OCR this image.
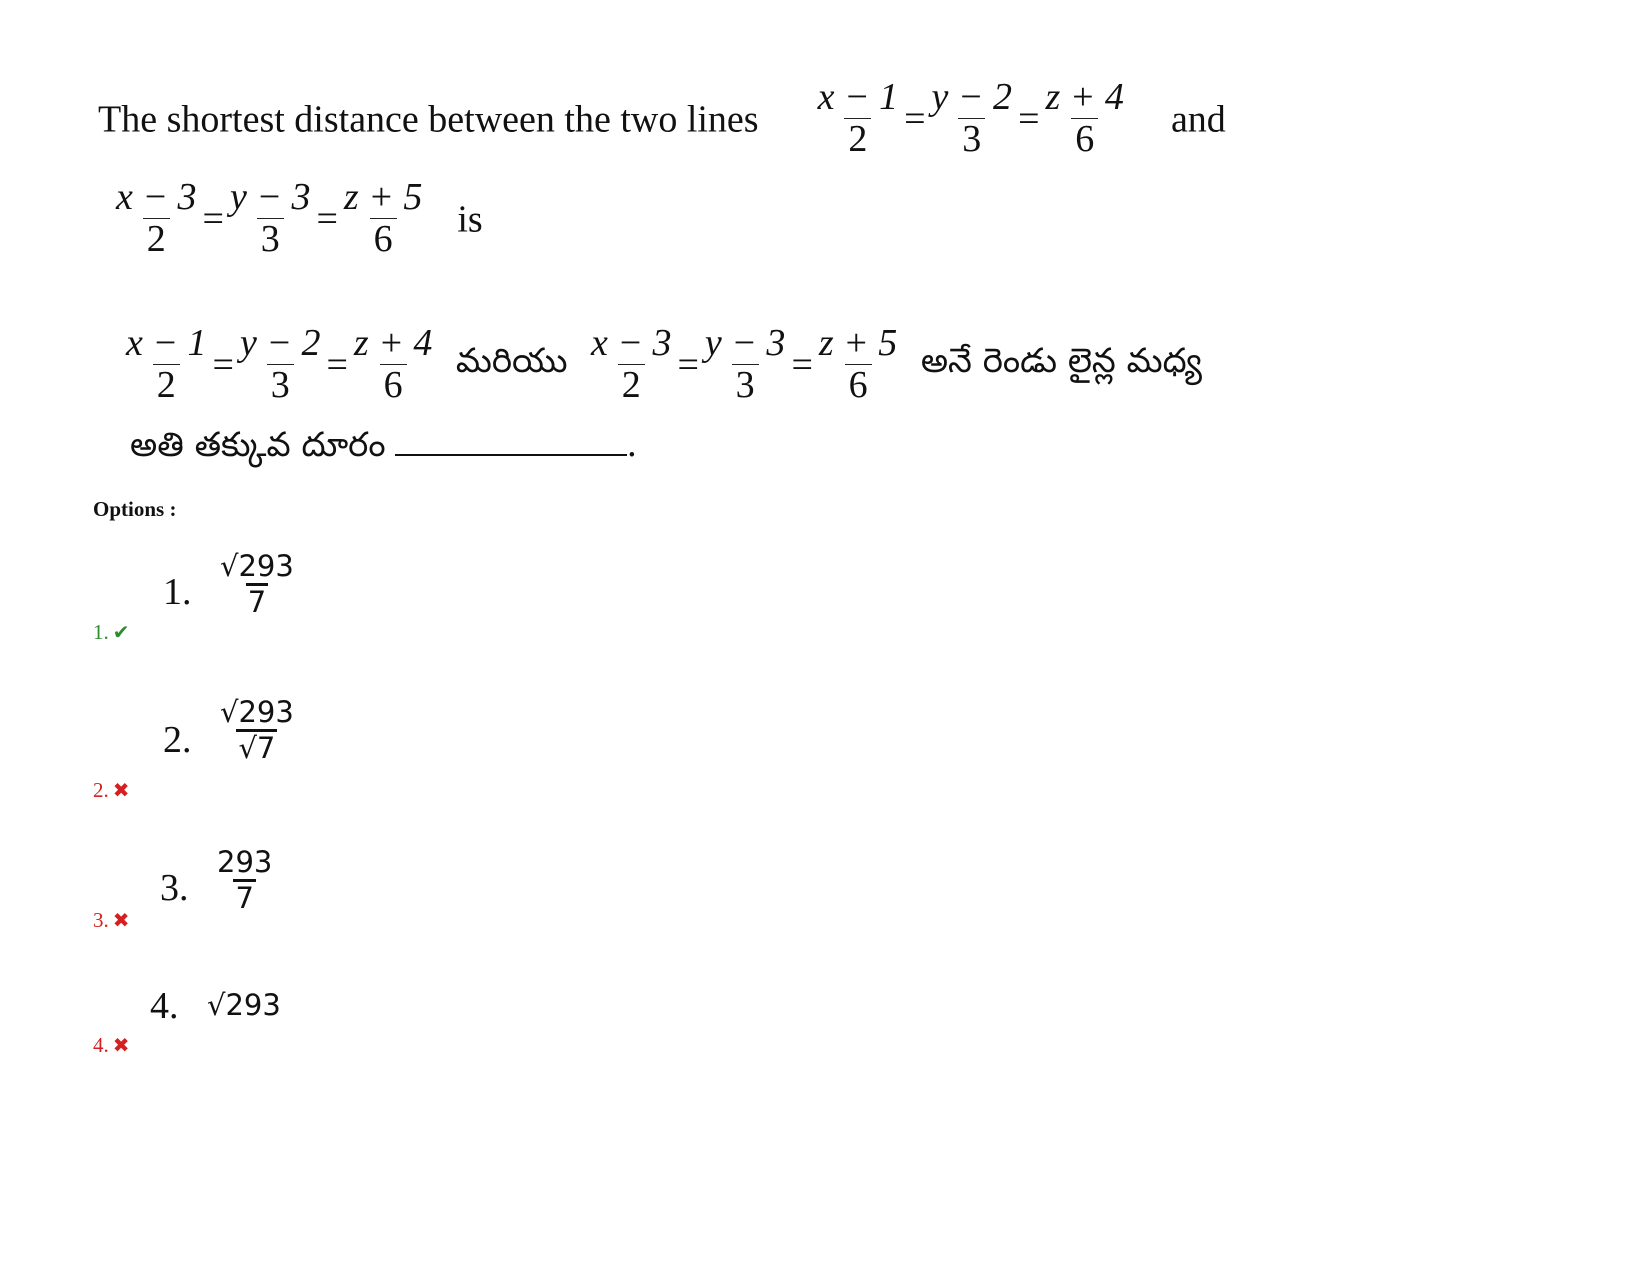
The shortest distance between the two lines $\frac{x - 1}{2} = \frac{y - 2}{3} = \frac{z + 4}{6}$ and
$\frac{x - 3}{2} = \frac{y - 3}{3} = \frac{z + 5}{6}$ is
$\frac{x - 1}{2} = \frac{y - 2}{3} = \frac{z + 4}{6}$ మరియు $\frac{x - 3}{2} = \frac{y - 3}{3} = \frac{z + 5}{6}$ అనే రెండు లైన్ల మధ్య
అతి తక్కువ దూరం	.
Options :
1. $\frac{√293}{7}$
1. ✔
2. $\frac{√293}{√7}$
2. ✖
3. $\frac{293}{7}$
3. ✖
4. √293
4. ✖
